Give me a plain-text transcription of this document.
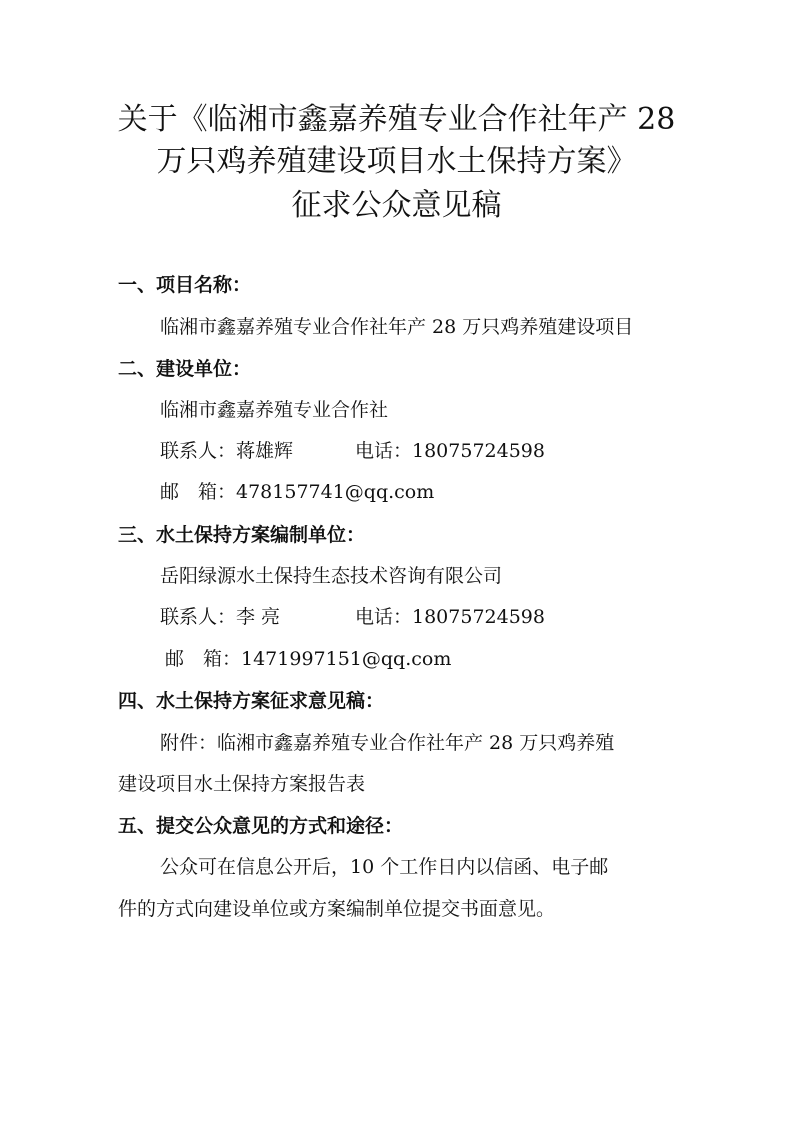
关于《临湘市鑫嘉养殖专业合作社年产 28
万只鸡养殖建设项目水土保持方案》
征求公众意见稿
一、项目名称：
临湘市鑫嘉养殖专业合作社年产 28 万只鸡养殖建设项目
二、建设单位：
临湘市鑫嘉养殖专业合作社
联系人：蒋雄辉	电话：18075724598
邮　箱：478157741@qq.com
三、水土保持方案编制单位：
岳阳绿源水土保持生态技术咨询有限公司
联系人：李 亮	电话：18075724598
邮　箱：1471997151@qq.com
四、水土保持方案征求意见稿：
附件：临湘市鑫嘉养殖专业合作社年产 28 万只鸡养殖
建设项目水土保持方案报告表
五、提交公众意见的方式和途径：
公众可在信息公开后，10 个工作日内以信函、电子邮
件的方式向建设单位或方案编制单位提交书面意见。
